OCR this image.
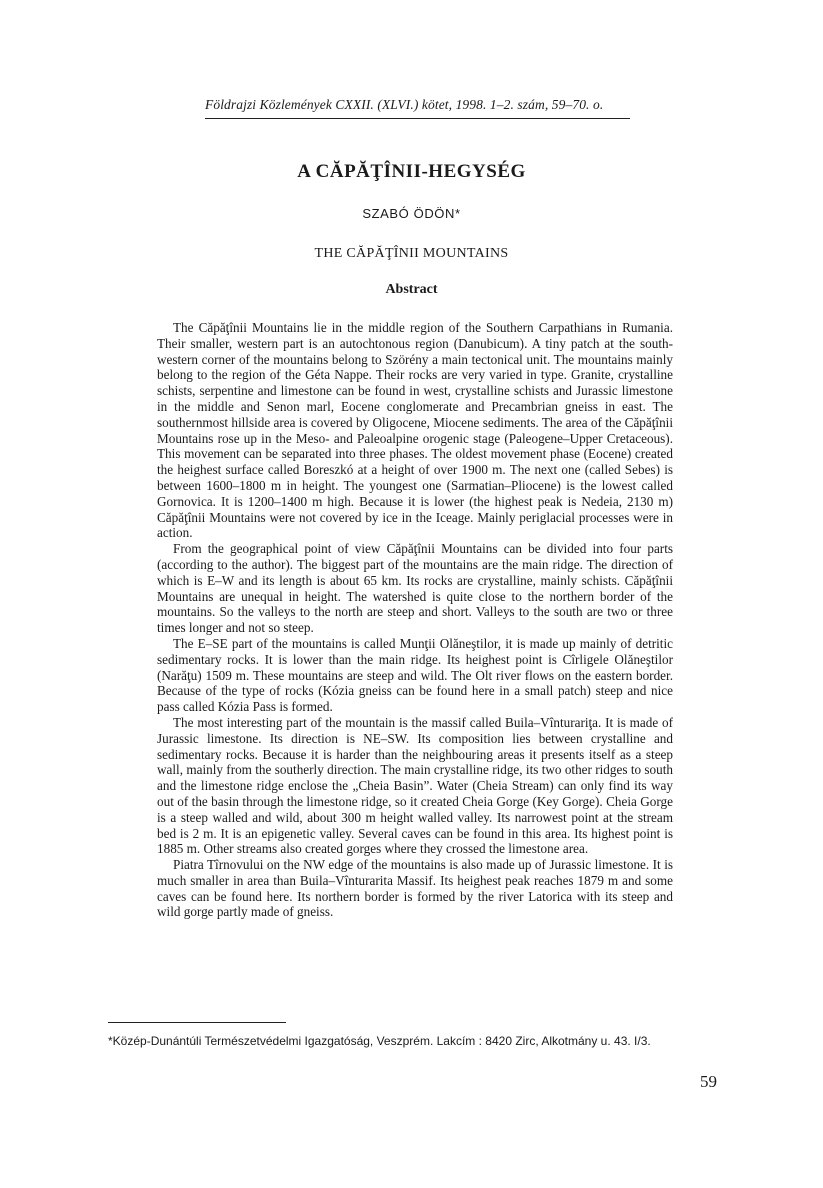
Földrajzi Közlemények CXXII. (XLVI.) kötet, 1998. 1–2. szám, 59–70. o.
A CĂPĂŢÎNII-HEGYSÉG
SZABÓ ÖDÖN*
THE CĂPĂŢÎNII MOUNTAINS
Abstract

The Căpăţînii Mountains lie in the middle region of the Southern Carpathians in Rumania. Their smaller, western part is an autochtonous region (Danubicum). A tiny patch at the south-western corner of the mountains belong to Szörény a main tectonical unit. The mountains mainly belong to the region of the Géta Nappe. Their rocks are very varied in type. Granite, crystalline schists, serpentine and limestone can be found in west, crystalline schists and Jurassic limestone in the middle and Senon marl, Eocene conglomerate and Precambrian gneiss in east. The southernmost hillside area is covered by Oligocene, Miocene sediments. The area of the Căpăţînii Mountains rose up in the Meso- and Paleoalpine orogenic stage (Paleogene–Upper Cretaceous). This movement can be separated into three phases. The oldest movement phase (Eocene) created the heighest surface called Boreszkó at a height of over 1900 m. The next one (called Sebes) is between 1600–1800 m in height. The youngest one (Sarmatian–Pliocene) is the lowest called Gornovica. It is 1200–1400 m high. Because it is lower (the highest peak is Nedeia, 2130 m) Căpăţînii Mountains were not covered by ice in the Iceage. Mainly periglacial processes were in action.

From the geographical point of view Căpăţînii Mountains can be divided into four parts (according to the author). The biggest part of the mountains are the main ridge. The direction of which is E–W and its length is about 65 km. Its rocks are crystalline, mainly schists. Căpăţînii Mountains are unequal in height. The watershed is quite close to the northern border of the mountains. So the valleys to the north are steep and short. Valleys to the south are two or three times longer and not so steep.

The E–SE part of the mountains is called Munţii Olăneştilor, it is made up mainly of detritic sedimentary rocks. It is lower than the main ridge. Its heighest point is Cîrligele Olăneştilor (Narăţu) 1509 m. These mountains are steep and wild. The Olt river flows on the eastern border. Because of the type of rocks (Kózia gneiss can be found here in a small patch) steep and nice pass called Kózia Pass is formed.

The most interesting part of the mountain is the massif called Buila–Vînturariţa. It is made of Jurassic limestone. Its direction is NE–SW. Its composition lies between crystalline and sedimentary rocks. Because it is harder than the neighbouring areas it presents itself as a steep wall, mainly from the southerly direction. The main crystalline ridge, its two other ridges to south and the limestone ridge enclose the „Cheia Basin”. Water (Cheia Stream) can only find its way out of the basin through the limestone ridge, so it created Cheia Gorge (Key Gorge). Cheia Gorge is a steep walled and wild, about 300 m height walled valley. Its narrowest point at the stream bed is 2 m. It is an epigenetic valley. Several caves can be found in this area. Its highest point is 1885 m. Other streams also created gorges where they crossed the limestone area.

Piatra Tîrnovului on the NW edge of the mountains is also made up of Jurassic limestone. It is much smaller in area than Buila–Vînturarita Massif. Its heighest peak reaches 1879 m and some caves can be found here. Its northern border is formed by the river Latorica with its steep and wild gorge partly made of gneiss.

*Közép-Dunántúli Természetvédelmi Igazgatóság, Veszprém. Lakcím : 8420 Zirc, Alkotmány u. 43. I/3.
59
